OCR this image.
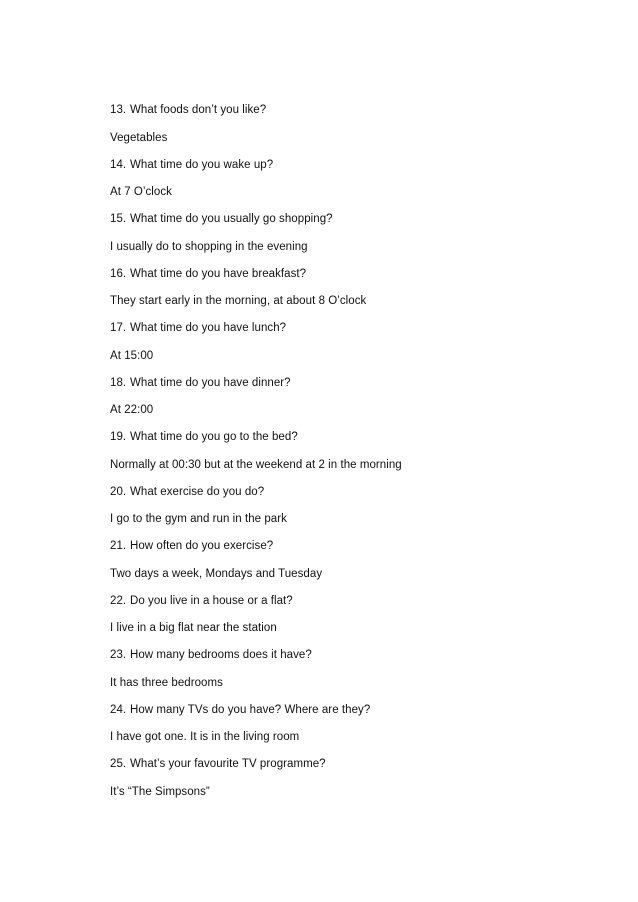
13. What foods don’t you like?
Vegetables
14. What time do you wake up?
At 7 O’clock
15. What time do you usually go shopping?
I usually do to shopping in the evening
16. What time do you have breakfast?
They start early in the morning, at about 8 O’clock
17. What time do you have lunch?
At 15:00
18. What time do you have dinner?
At 22:00
19. What time do you go to the bed?
Normally at 00:30 but at the weekend at 2 in the morning
20. What exercise do you do?
I go to the gym and run in the park
21. How often do you exercise?
Two days a week, Mondays and Tuesday
22. Do you live in a house or a flat?
I live in a big flat near the station
23. How many bedrooms does it have?
It has three bedrooms
24. How many TVs do you have? Where are they?
I have got one. It is in the living room
25. What’s your favourite TV programme?
It’s “The Simpsons”
